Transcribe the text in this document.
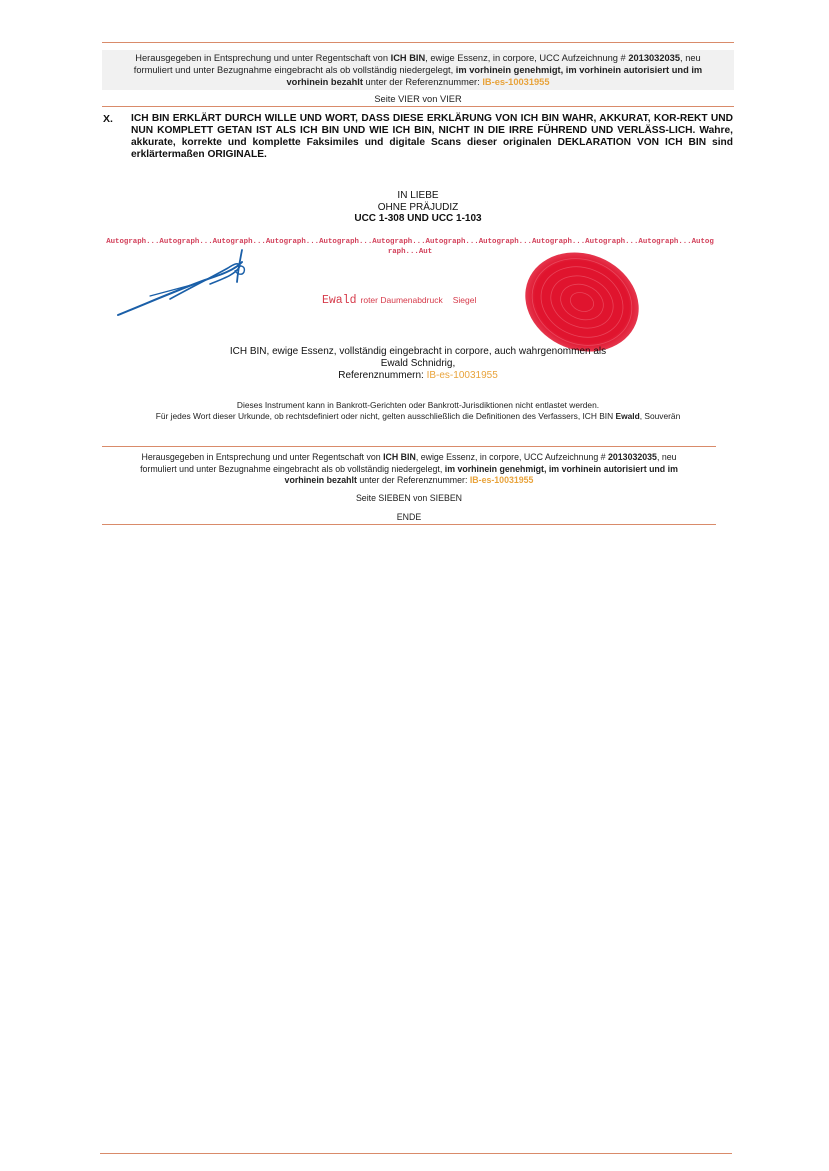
Herausgegeben in Entsprechung und unter Regentschaft von ICH BIN, ewige Essenz, in corpore, UCC Aufzeichnung # 2013032035, neu
formuliert und unter Bezugnahme eingebracht als ob vollständig niedergelegt, im vorhinein genehmigt, im vorhinein autorisiert und im
vorhinein bezahlt unter der Referenznummer: IB-es-10031955
Seite VIER von VIER
X. ICH BIN ERKLÄRT DURCH WILLE UND WORT, DASS DIESE ERKLÄRUNG VON ICH BIN WAHR, AKKURAT, KOR-REKT UND NUN KOMPLETT GETAN IST ALS ICH BIN UND WIE ICH BIN, NICHT IN DIE IRRE FÜHREND UND VERLÄSS-LICH. Wahre, akkurate, korrekte und komplette Faksimiles und digitale Scans dieser originalen DEKLARATION VON ICH BIN sind erklärtermaßen ORIGINALE.
IN LIEBE
OHNE PRÄJUDIZ
UCC 1-308 UND UCC 1-103
Autograph...Autograph...Autograph...Autograph...Autograph...Autograph...Autograph...Autograph...Autograph...Autograph...Autograph...Autograph...Aut
Ewald roter Daumenabdruck Siegel
ICH BIN, ewige Essenz, vollständig eingebracht in corpore, auch wahrgenommen als
Ewald Schnidrig,
Referenznummern: IB-es-10031955
Dieses Instrument kann in Bankrott-Gerichten oder Bankrott-Jurisdiktionen nicht entlastet werden.
Für jedes Wort dieser Urkunde, ob rechtsdefiniert oder nicht, gelten ausschließlich die Definitionen des Verfassers, ICH BIN Ewald, Souverän
Herausgegeben in Entsprechung und unter Regentschaft von ICH BIN, ewige Essenz, in corpore, UCC Aufzeichnung # 2013032035, neu
formuliert und unter Bezugnahme eingebracht als ob vollständig niedergelegt, im vorhinein genehmigt, im vorhinein autorisiert und im
vorhinein bezahlt unter der Referenznummer: IB-es-10031955
Seite SIEBEN von SIEBEN
ENDE
